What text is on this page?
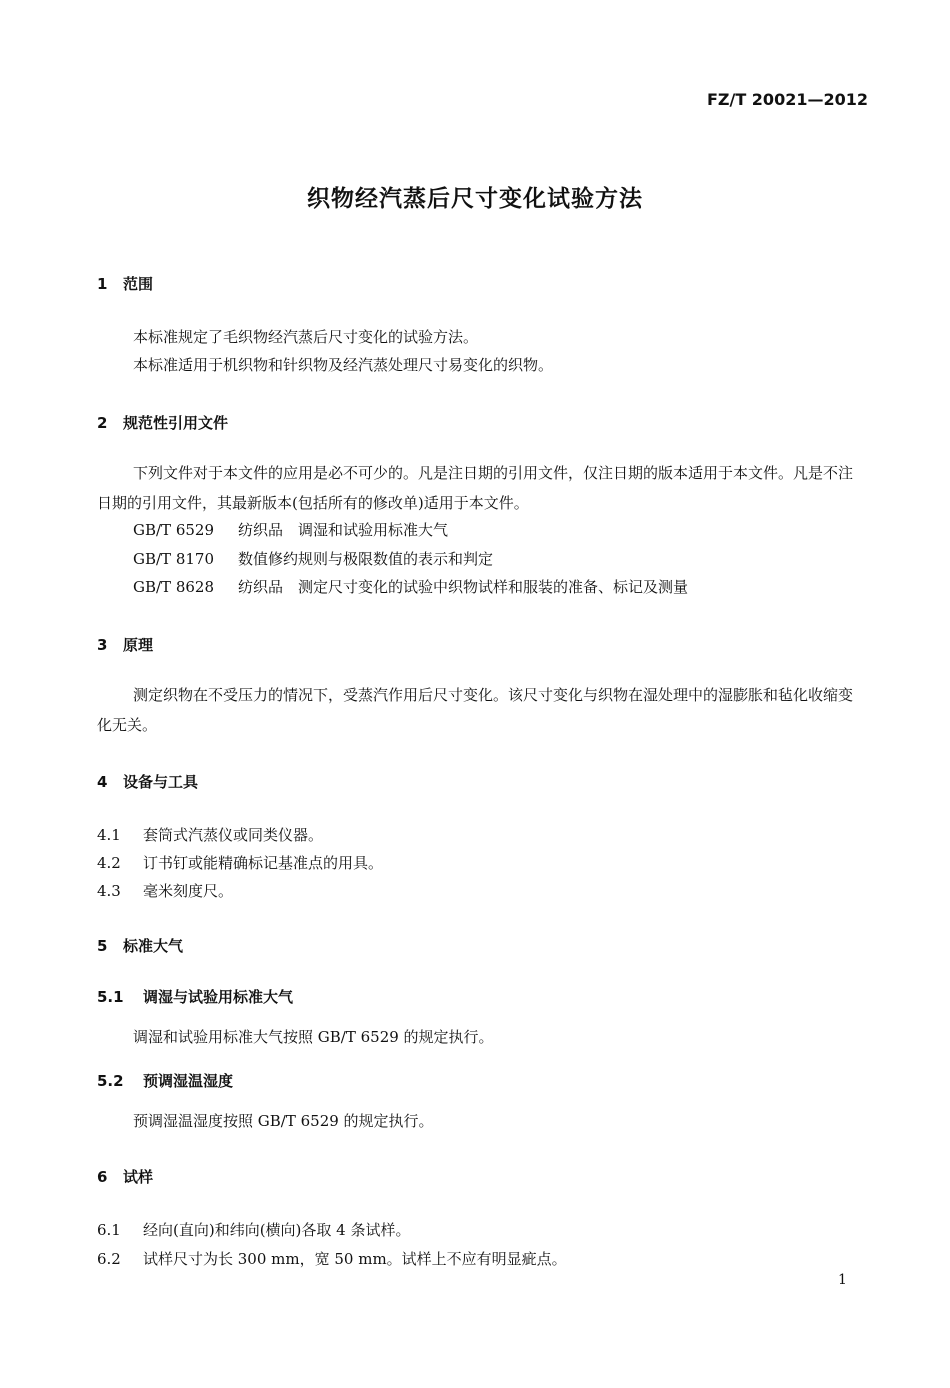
FZ/T 20021—2012
织物经汽蒸后尺寸变化试验方法
1 范围
本标准规定了毛织物经汽蒸后尺寸变化的试验方法。
本标准适用于机织物和针织物及经汽蒸处理尺寸易变化的织物。
2 规范性引用文件
下列文件对于本文件的应用是必不可少的。凡是注日期的引用文件，仅注日期的版本适用于本文件。凡是不注日期的引用文件，其最新版本(包括所有的修改单)适用于本文件。
GB/T 6529 纺织品　调湿和试验用标准大气
GB/T 8170 数值修约规则与极限数值的表示和判定
GB/T 8628 纺织品　测定尺寸变化的试验中织物试样和服装的准备、标记及测量
3 原理
测定织物在不受压力的情况下，受蒸汽作用后尺寸变化。该尺寸变化与织物在湿处理中的湿膨胀和毡化收缩变化无关。
4 设备与工具
4.1 套筒式汽蒸仪或同类仪器。
4.2 订书钉或能精确标记基准点的用具。
4.3 毫米刻度尺。
5 标准大气
5.1 调湿与试验用标准大气
调湿和试验用标准大气按照 GB/T 6529 的规定执行。
5.2 预调湿温湿度
预调湿温湿度按照 GB/T 6529 的规定执行。
6 试样
6.1 经向(直向)和纬向(横向)各取 4 条试样。
6.2 试样尺寸为长 300 mm，宽 50 mm。试样上不应有明显疵点。
1
